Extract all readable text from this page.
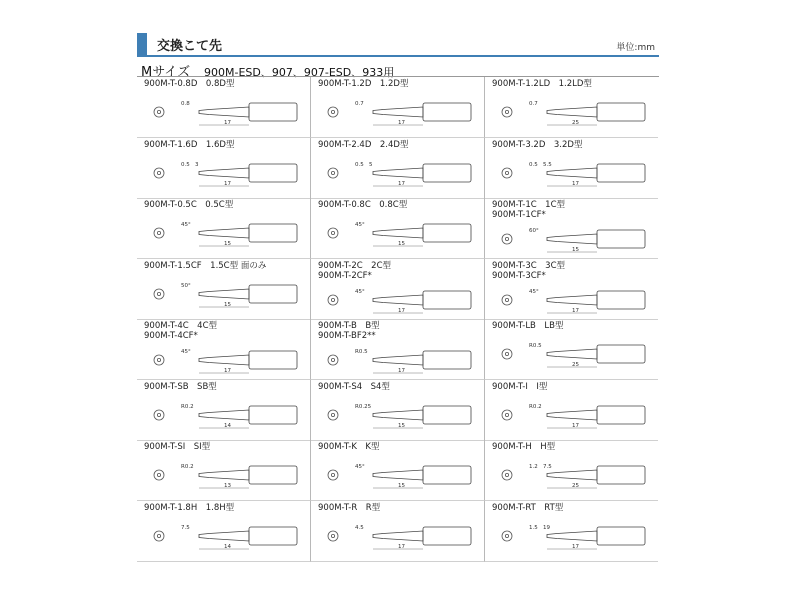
交換こて先	単位:mm
Mサイズ 900M-ESD、907、907-ESD、933用
900M-T-0.8D　0.8D型
0.8
17
900M-T-1.2D　1.2D型
0.7
17
900M-T-1.2LD　1.2LD型
0.7
25
900M-T-1.6D　1.6D型
0.5 3
17
900M-T-2.4D　2.4D型
0.5 5
17
900M-T-3.2D　3.2D型
0.5 5.5
17
900M-T-0.5C　0.5C型
45°
15
900M-T-0.8C　0.8C型
45°
15
900M-T-1C　1C型
900M-T-1CF*
60°
15
900M-T-1.5CF　1.5C型 面のみ
50°
15
900M-T-2C　2C型
900M-T-2CF*
45°
17
900M-T-3C　3C型
900M-T-3CF*
45°
17
900M-T-4C　4C型
900M-T-4CF*
45°
17
900M-T-B　B型
900M-T-BF2**
R0.5
17
900M-T-LB　LB型
R0.5
25
900M-T-SB　SB型
R0.2
14
900M-T-S4　S4型
R0.25
15
900M-T-I　I型
R0.2
17
900M-T-SI　SI型
R0.2
13
900M-T-K　K型
45°
15
900M-T-H　H型
1.2 7.5
25
900M-T-1.8H　1.8H型
7.5
14
900M-T-R　R型
4.5
17
900M-T-RT　RT型
1.5 19
17
